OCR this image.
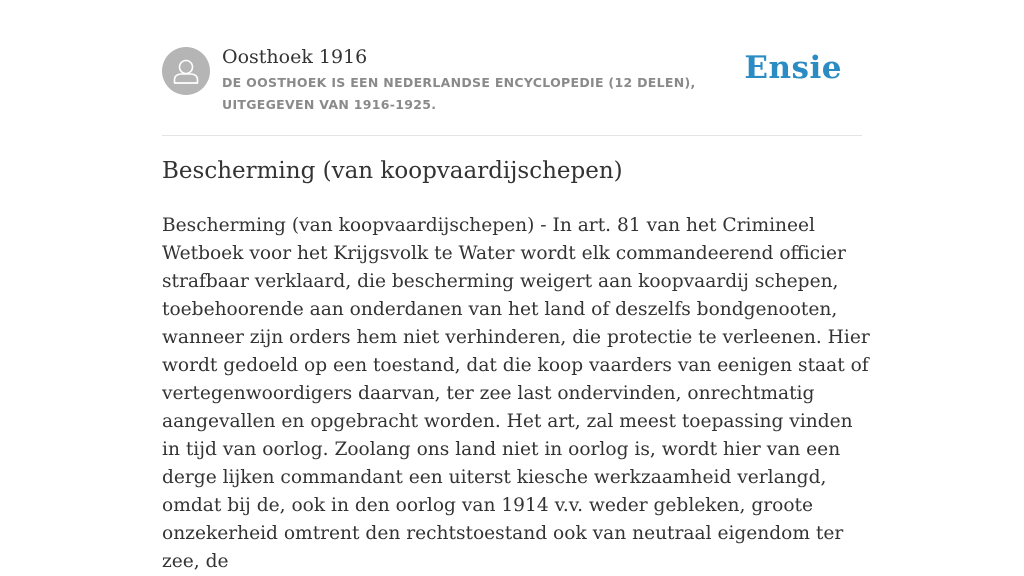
Oosthoek 1916

DE OOSTHOEK IS EEN NEDERLANDSE ENCYCLOPEDIE (12 DELEN), UITGEGEVEN VAN 1916-1925.

Ensie
Bescherming (van koopvaardijschepen)

Bescherming (van koopvaardijschepen) - In art. 81 van het Crimineel Wetboek voor het Krijgsvolk te Water wordt elk commandeerend officier strafbaar verklaard, die bescherming weigert aan koopvaardij schepen, toebehoorende aan onderdanen van het land of deszelfs bondgenooten, wanneer zijn orders hem niet verhinderen, die protectie te verleenen. Hier wordt gedoeld op een toestand, dat die koop vaarders van eenigen staat of vertegenwoordigers daarvan, ter zee last ondervinden, onrechtmatig aangevallen en opgebracht worden. Het art, zal meest toepassing vinden in tijd van oorlog. Zoolang ons land niet in oorlog is, wordt hier van een derge lijken commandant een uiterst kiesche werkzaamheid verlangd, omdat bij de, ook in den oorlog van 1914 v.v. weder gebleken, groote onzekerheid omtrent den rechtstoestand ook van neutraal eigendom ter zee, de
